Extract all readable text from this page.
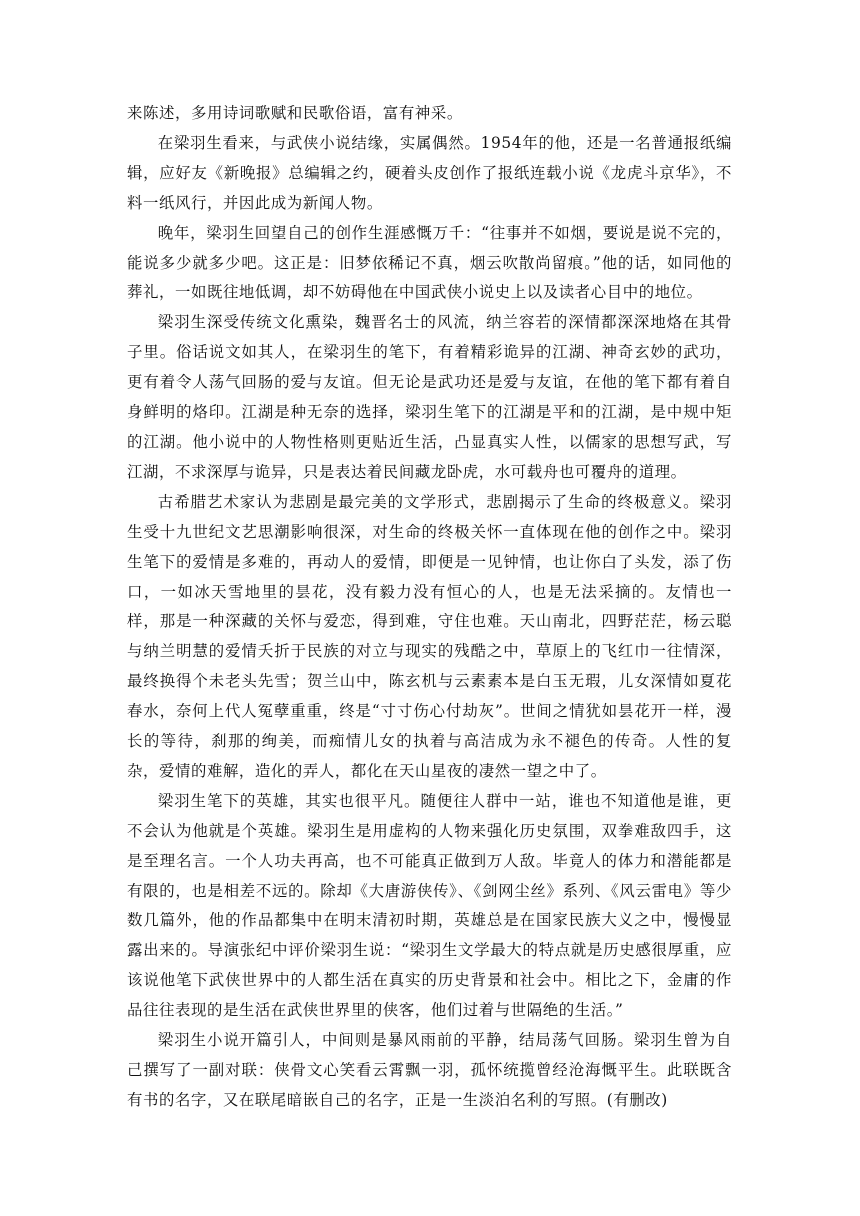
来陈述，多用诗词歌赋和民歌俗语，富有神采。

在梁羽生看来，与武侠小说结缘，实属偶然。1954年的他，还是一名普通报纸编辑，应好友《新晚报》总编辑之约，硬着头皮创作了报纸连载小说《龙虎斗京华》，不料一纸风行，并因此成为新闻人物。

晚年，梁羽生回望自己的创作生涯感慨万千：“往事并不如烟，要说是说不完的，能说多少就多少吧。这正是：旧梦依稀记不真，烟云吹散尚留痕。”他的话，如同他的葬礼，一如既往地低调，却不妨碍他在中国武侠小说史上以及读者心目中的地位。

梁羽生深受传统文化熏染，魏晋名士的风流，纳兰容若的深情都深深地烙在其骨子里。俗话说文如其人，在梁羽生的笔下，有着精彩诡异的江湖、神奇玄妙的武功，更有着令人荡气回肠的爱与友谊。但无论是武功还是爱与友谊，在他的笔下都有着自身鲜明的烙印。江湖是种无奈的选择，梁羽生笔下的江湖是平和的江湖，是中规中矩的江湖。他小说中的人物性格则更贴近生活，凸显真实人性，以儒家的思想写武，写江湖，不求深厚与诡异，只是表达着民间藏龙卧虎，水可载舟也可覆舟的道理。

古希腊艺术家认为悲剧是最完美的文学形式，悲剧揭示了生命的终极意义。梁羽生受十九世纪文艺思潮影响很深，对生命的终极关怀一直体现在他的创作之中。梁羽生笔下的爱情是多难的，再动人的爱情，即便是一见钟情，也让你白了头发，添了伤口，一如冰天雪地里的昙花，没有毅力没有恒心的人，也是无法采摘的。友情也一样，那是一种深藏的关怀与爱恋，得到难，守住也难。天山南北，四野茫茫，杨云聪与纳兰明慧的爱情夭折于民族的对立与现实的残酷之中，草原上的飞红巾一往情深，最终换得个未老头先雪；贺兰山中，陈玄机与云素素本是白玉无瑕，儿女深情如夏花春水，奈何上代人冤孽重重，终是“寸寸伤心付劫灰”。世间之情犹如昙花开一样，漫长的等待，刹那的绚美，而痴情儿女的执着与高洁成为永不褪色的传奇。人性的复杂，爱情的难解，造化的弄人，都化在天山星夜的凄然一望之中了。

梁羽生笔下的英雄，其实也很平凡。随便往人群中一站，谁也不知道他是谁，更不会认为他就是个英雄。梁羽生是用虚构的人物来强化历史氛围，双拳难敌四手，这是至理名言。一个人功夫再高，也不可能真正做到万人敌。毕竟人的体力和潜能都是有限的，也是相差不远的。除却《大唐游侠传》、《剑网尘丝》系列、《风云雷电》等少数几篇外，他的作品都集中在明末清初时期，英雄总是在国家民族大义之中，慢慢显露出来的。导演张纪中评价梁羽生说：“梁羽生文学最大的特点就是历史感很厚重，应该说他笔下武侠世界中的人都生活在真实的历史背景和社会中。相比之下，金庸的作品往往表现的是生活在武侠世界里的侠客，他们过着与世隔绝的生活。”

梁羽生小说开篇引人，中间则是暴风雨前的平静，结局荡气回肠。梁羽生曾为自己撰写了一副对联：侠骨文心笑看云霄飘一羽，孤怀统揽曾经沧海慨平生。此联既含有书的名字，又在联尾暗嵌自己的名字，正是一生淡泊名利的写照。(有删改)
